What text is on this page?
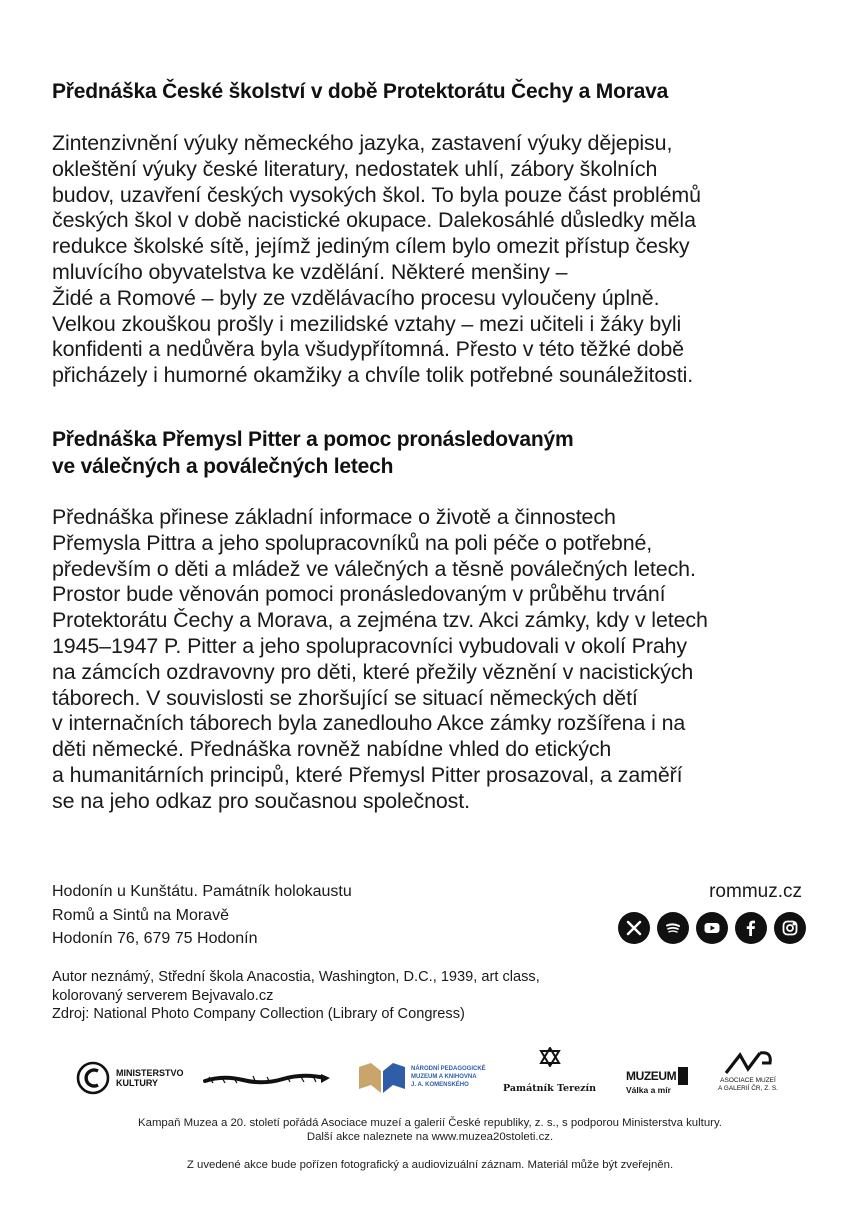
Přednáška České školství v době Protektorátu Čechy a Morava

Zintenzivnění výuky německého jazyka, zastavení výuky dějepisu,
okleštění výuky české literatury, nedostatek uhlí, zábory školních
budov, uzavření českých vysokých škol. To byla pouze část problémů
českých škol v době nacistické okupace. Dalekosáhlé důsledky měla
redukce školské sítě, jejímž jediným cílem bylo omezit přístup česky
mluvícího obyvatelstva ke vzdělání. Některé menšiny –
Židé a Romové – byly ze vzdělávacího procesu vyloučeny úplně.
Velkou zkouškou prošly i mezilidské vztahy – mezi učiteli i žáky byli
konfidenti a nedůvěra byla všudypřítomná. Přesto v této těžké době
přicházely i humorné okamžiky a chvíle tolik potřebné sounáležitosti.

Přednáška Přemysl Pitter a pomoc pronásledovaným
ve válečných a poválečných letech

Přednáška přinese základní informace o životě a činnostech
Přemysla Pittra a jeho spolupracovníků na poli péče o potřebné,
především o děti a mládež ve válečných a těsně poválečných letech.
Prostor bude věnován pomoci pronásledovaným v průběhu trvání
Protektorátu Čechy a Morava, a zejména tzv. Akci zámky, kdy v letech
1945–1947 P. Pitter a jeho spolupracovníci vybudovali v okolí Prahy
na zámcích ozdravovny pro děti, které přežily věznění v nacistických
táborech. V souvislosti se zhoršující se situací německých dětí
v internačních táborech byla zanedlouho Akce zámky rozšířena i na
děti německé. Přednáška rovněž nabídne vhled do etických
a humanitárních principů, které Přemysl Pitter prosazoval, a zaměří
se na jeho odkaz pro současnou společnost.

Hodonín u Kunštátu. Památník holokaustu
Romů a Sintů na Moravě
Hodonín 76, 679 75 Hodonín
rommuz.cz
Autor neznámý, Střední škola Anacostia, Washington, D.C., 1939, art class,
kolorovaný serverem Bejvavalo.cz
Zdroj: National Photo Company Collection (Library of Congress)
MINISTERSTVO
KULTURY
NÁRODNÍ PEDAGOGICKÉ
MUZEUM A KNIHOVNA
J. A. KOMENSKÉHO	Památník Terezín
MUZEUM
Válka a mír
ASOCIACE MUZEÍ
A GALERIÍ ČR, Z. S.
Kampaň Muzea a 20. století pořádá Asociace muzeí a galerií České republiky, z. s., s podporou Ministerstva kultury.
Další akce naleznete na www.muzea20stoleti.cz.
Z uvedené akce bude pořízen fotografický a audiovizuální záznam. Materiál může být zveřejněn.
